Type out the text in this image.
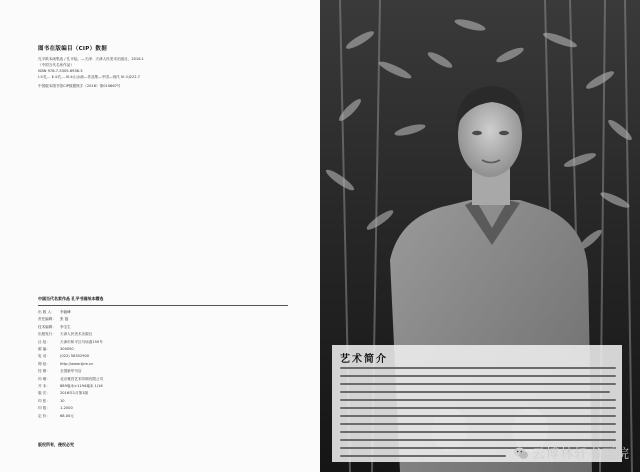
图书在版编目（CIP）数据
孔平纸本画集选 / 孔平绘。—天津：天津人民美术出版社，2016.1
（中国当代名家作品）
ISBN 978-7-5305-6938-3
Ⅰ.①孔… Ⅱ.①孔… Ⅲ.①山水画—作品集—中国—现代 Ⅳ.①J222.7
中国版本图书馆CIP数据核字（2016）第010667号
中国当代名家作品 孔平书画纸本精选
出 版 人：	李毅峰
责任编辑：	张 磊
技术编辑：	李宝生
出版发行：	天津人民美术出版社
社 址：	天津市和平区马场道150号
邮 编：	300050
电 话：	(022) 58352900
网 址：	http://www.tjrm.cn
经 销：	全国新华书店
印 刷：	北京雅昌艺术印刷有限公司
开 本：	889毫米×1194毫米 1/16
版 次：	2016年1月第1版
印 张：	10
印 数：	1-2000
定 价：	68.00元
版权所有，侵权必究
艺术简介
云博林轩书画院
